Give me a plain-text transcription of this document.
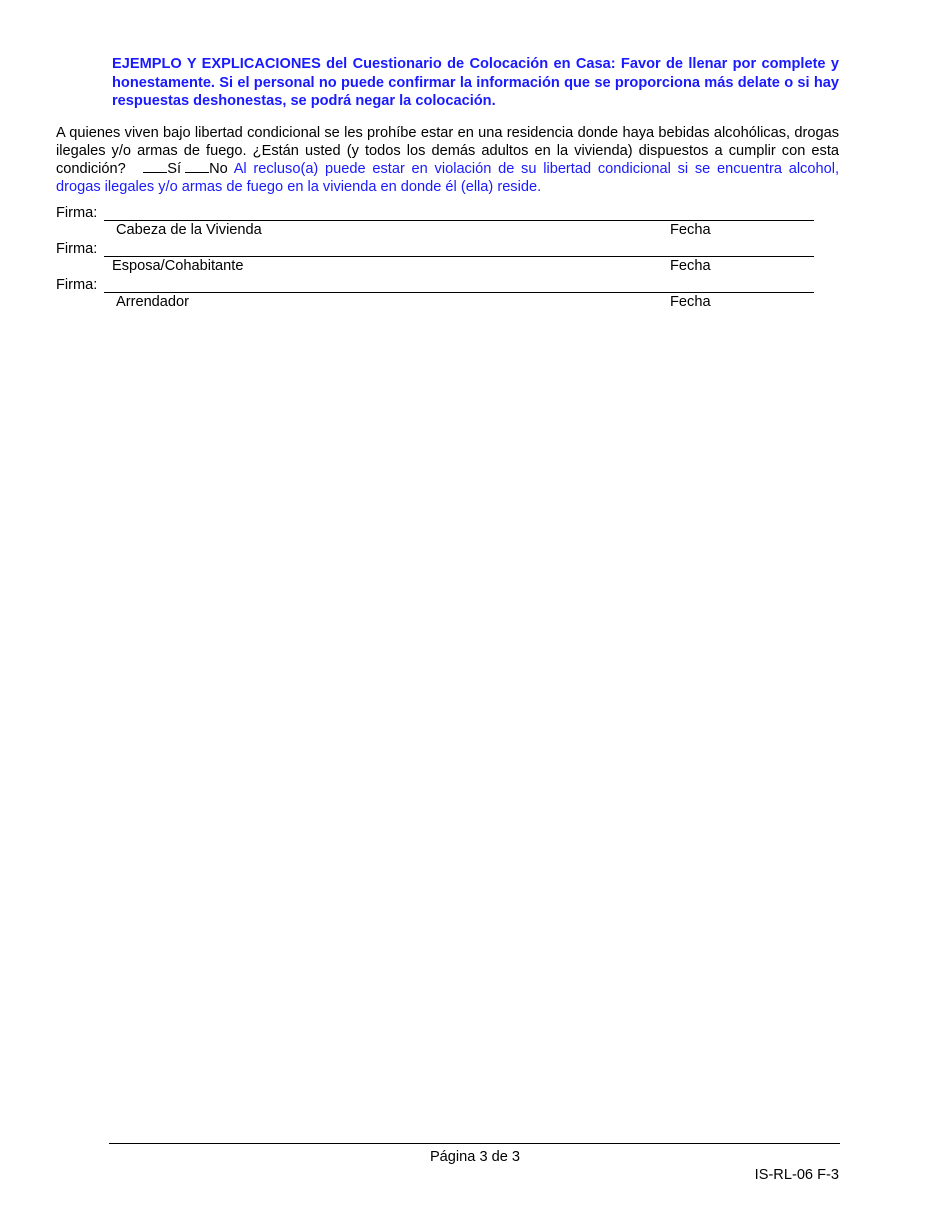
EJEMPLO Y EXPLICACIONES del Cuestionario de Colocación en Casa: Favor de llenar por complete y honestamente. Si el personal no puede confirmar la información que se proporciona más delate o si hay respuestas deshonestas, se podrá negar la colocación.
A quienes viven bajo libertad condicional se les prohíbe estar en una residencia donde haya bebidas alcohólicas, drogas ilegales y/o armas de fuego. ¿Están usted (y todos los demás adultos en la vivienda) dispuestos a cumplir con esta condición?	Sí No Al recluso(a) puede estar en violación de su libertad condicional si se encuentra alcohol, drogas ilegales y/o armas de fuego en la vivienda en donde él (ella) reside.
Firma:
Cabeza de la Vivienda	Fecha
Firma:
Esposa/Cohabitante	Fecha
Firma:
Arrendador	Fecha
Página 3 de 3
IS-RL-06 F-3
